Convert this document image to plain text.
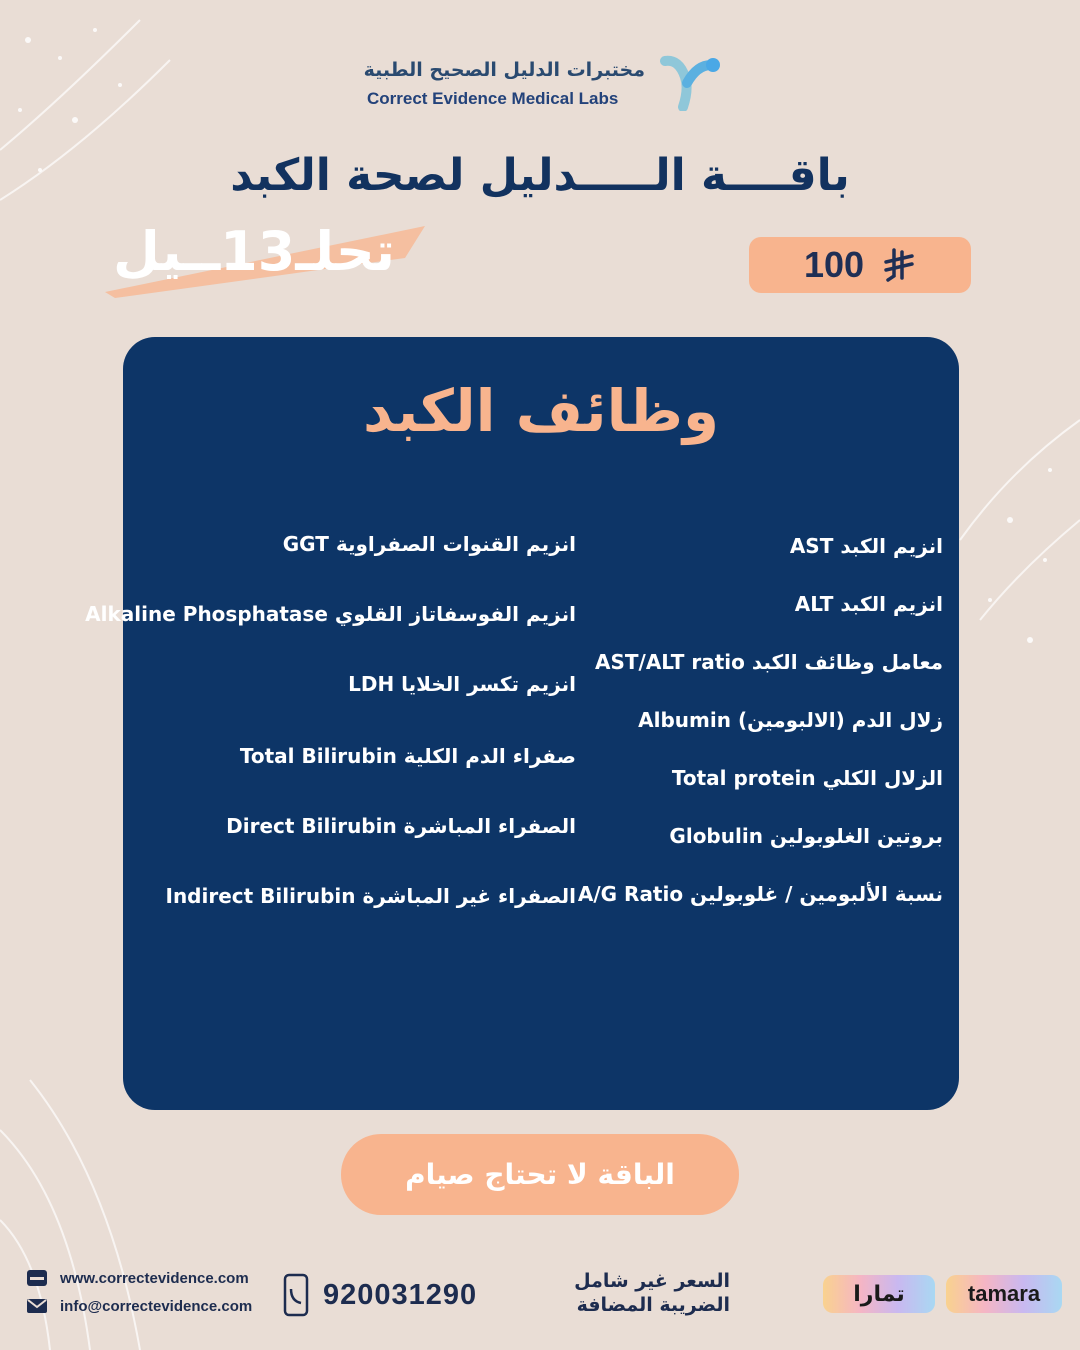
مختبرات الدليل الصحيح الطبية
Correct Evidence Medical Labs
باقــــة الـــــدليل لصحة الكبد
تحلـ13ــيل	100
وظائف الكبد
انزيم الكبد AST
انزيم الكبد ALT
معامل وظائف الكبد AST/ALT ratio
زلال الدم (الالبومين) Albumin
الزلال الكلي Total protein
بروتين الغلوبولين Globulin
نسبة الألبومين / غلوبولين A/G Ratio
انزيم القنوات الصفراوية GGT
انزيم الفوسفاتاز القلوي Alkaline Phosphatase
انزيم تكسر الخلايا LDH
صفراء الدم الكلية Total Bilirubin
الصفراء المباشرة Direct Bilirubin
الصفراء غير المباشرة Indirect Bilirubin
الباقة لا تحتاج صيام
www.correctevidence.com
info@correctevidence.com 920031290	السعر غير شامل
الضريبة المضافة	تمارا	tamara
